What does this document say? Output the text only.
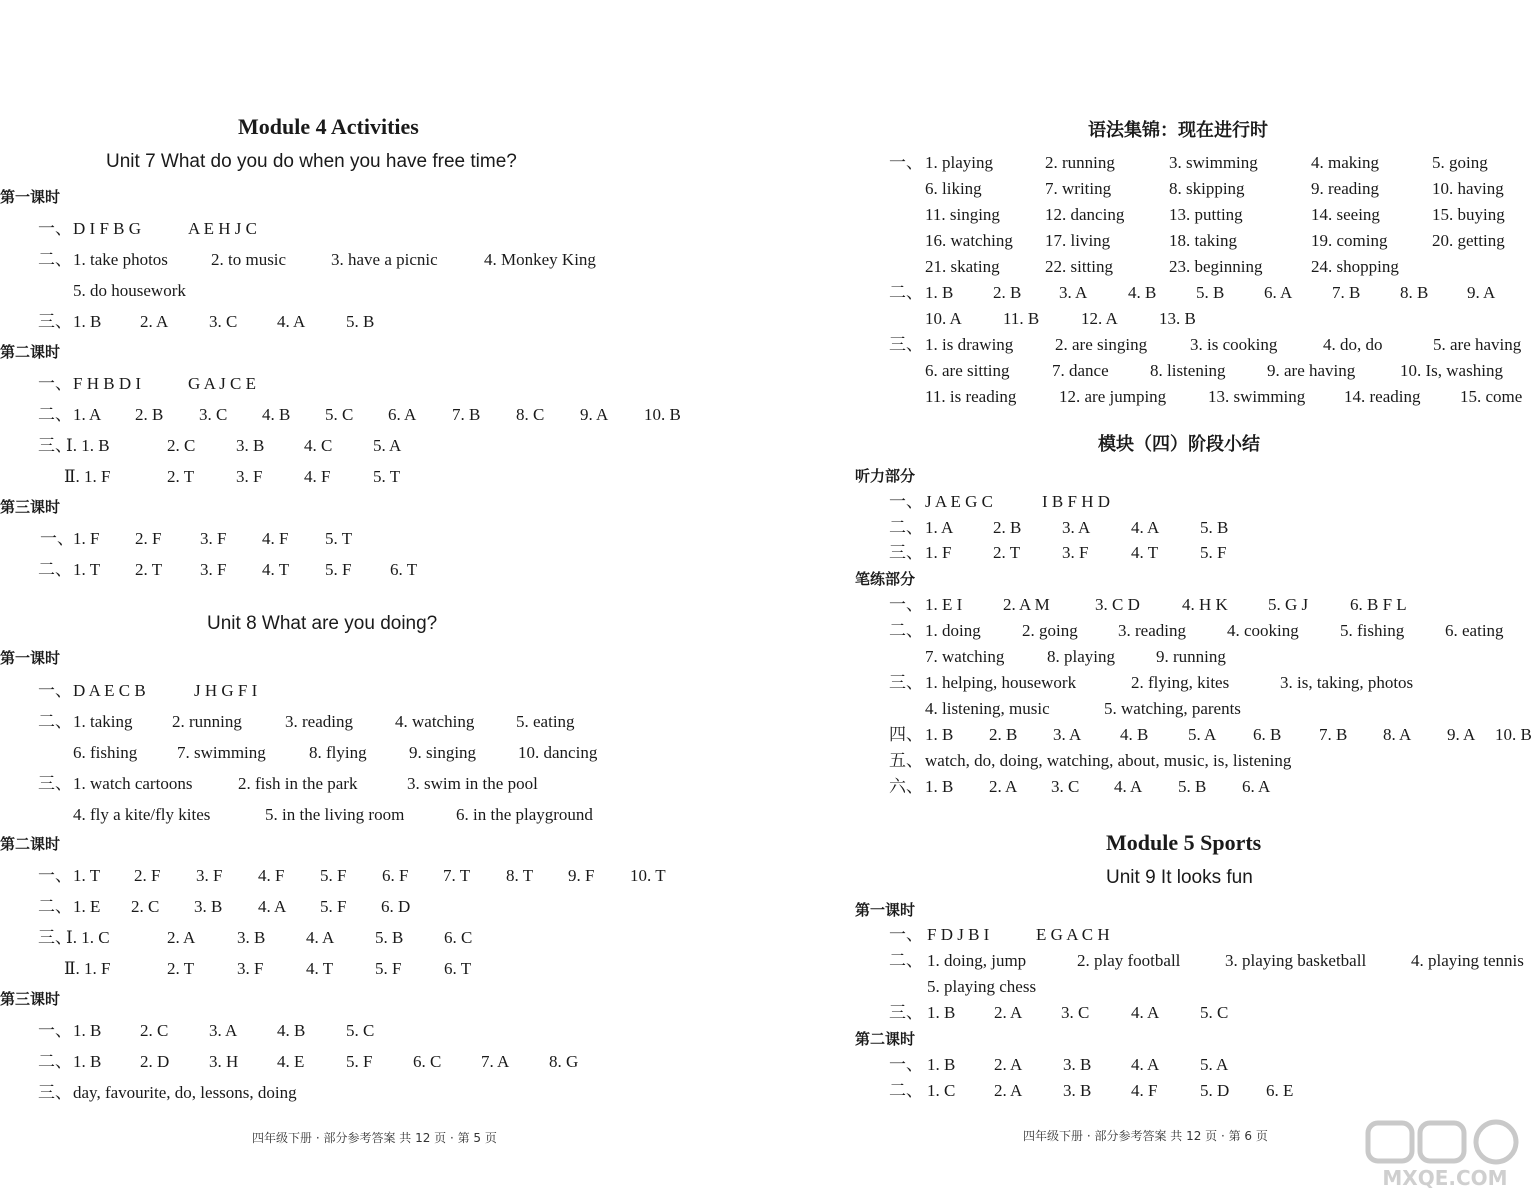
Module 4 Activities
Unit 7 What do you do when you have free time?
第一课时
一、 D I F B G	A E H J C
二、 1. take photos	2. to music	3. have a picnic	4. Monkey King
5. do housework
三、 1. B 2. A 3. C 4. A 5. B
第二课时
一、 F H B D I	G A J C E
二、 1. A 2. B 3. C 4. B 5. C 6. A 7. B 8. C 9. A 10. B
三、
Ⅰ. 1. B	2. C 3. B 4. C 5. A
Ⅱ. 1. F	2. T 3. F 4. F	5. T
第三课时
一、 1. F 2. F 3. F 4. F 5. T
二、 1. T 2. T 3. F 4. T 5. F 6. T
Unit 8 What are you doing?
第一课时
一、 D A E C B	J H G F I
二、 1. taking 2. running	3. reading 4. watching 5. eating
6. fishing 7. swimming	8. flying 9. singing 10. dancing
三、 1. watch cartoons	2. fish in the park	3. swim in the pool
4. fly a kite/fly kites	5. in the living room	6. in the playground
第二课时
一、 1. T 2. F 3. F 4. F 5. F 6. F 7. T 8. T 9. F 10. T
二、 1. E 2. C 3. B 4. A 5. F 6. D
三、
Ⅰ. 1. C	2. A 3. B 4. A 5. B 6. C
Ⅱ. 1. F	2. T	3. F	4. T 5. F	6. T
第三课时
一、 1. B 2. C 3. A 4. B 5. C
二、 1. B 2. D 3. H 4. E 5. F 6. C 7. A 8. G
三、 day, favourite, do, lessons, doing
四年级下册 · 部分参考答案 共 12 页 · 第 5 页
语法集锦：现在进行时
一、 1. playing	2. running	3. swimming	4. making	5. going
6. liking	7. writing	8. skipping	9. reading	10. having
11. singing	12. dancing	13. putting	14. seeing	15. buying
16. watching 17. living	18. taking	19. coming	20. getting
21. skating	22. sitting	23. beginning	24. shopping
二、 1. B 2. B 3. A 4. B 5. B 6. A 7. B 8. B 9. A
10. A 11. B 12. A 13. B
三、 1. is drawing 2. are singing	3. is cooking	4. do, do	5. are having
6. are sitting 7. dance 8. listening 9. are having	10. Is, washing
11. is reading	12. are jumping 13. swimming 14. reading 15. come
模块（四）阶段小结
听力部分
一、 J A E G C	I B F H D
二、 1. A 2. B 3. A 4. A 5. B
三、 1. F 2. T 3. F	4. T 5. F
笔练部分
一、 1. E I 2. A M	3. C D 4. H K 5. G J 6. B F L
二、 1. doing 2. going 3. reading 4. cooking 5. fishing 6. eating
7. watching	8. playing 9. running
三、 1. helping, housework	2. flying, kites	3. is, taking, photos
4. listening, music	5. watching, parents
四、 1. B 2. B 3. A 4. B 5. A 6. B 7. B 8. A 9. A 10. B
五、 watch, do, doing, watching, about, music, is, listening
六、 1. B 2. A 3. C 4. A 5. B 6. A
Module 5 Sports
Unit 9 It looks fun
第一课时
一、 F D J B I	E G A C H
二、 1. doing, jump	2. play football	3. playing basketball	4. playing tennis
5. playing chess
三、 1. B 2. A 3. C 4. A 5. C
第二课时
一、 1. B 2. A 3. B 4. A 5. A
二、 1. C 2. A 3. B 4. F	5. D 6. E
四年级下册 · 部分参考答案 共 12 页 · 第 6 页
MXQE.COM
